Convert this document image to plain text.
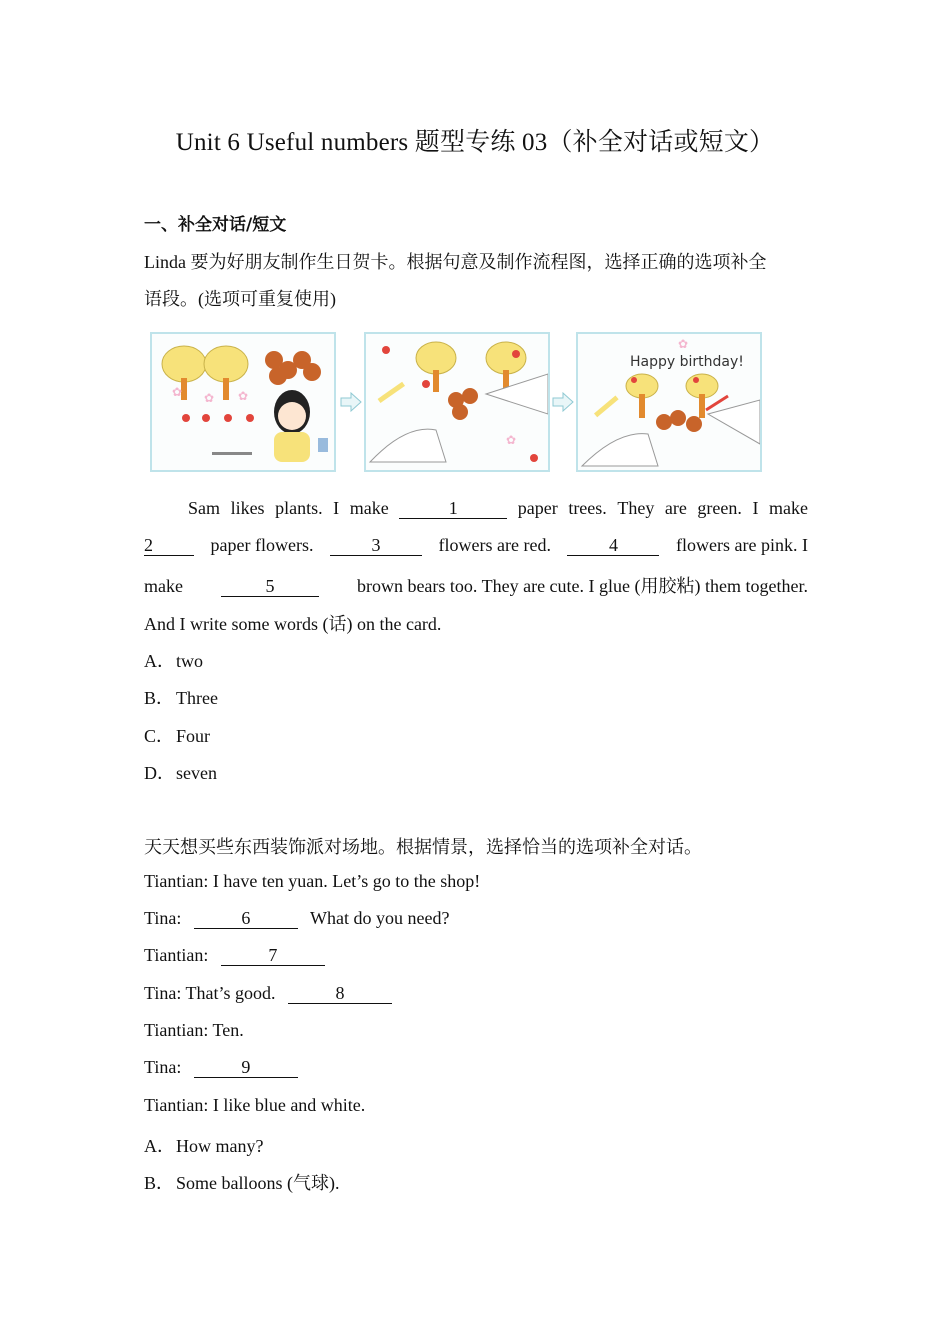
Unit 6 Useful numbers 题型专练 03（补全对话或短文）
一、补全对话/短文
Linda 要为好朋友制作生日贺卡。根据句意及制作流程图，选择正确的选项补全
语段。(选项可重复使用)
✿ ✿ ✿
✿
✿
Happy birthday!
Sam likes plants. I make	1	paper trees. They are green. I make
2	paper flowers.	3	flowers are red.	4	flowers are pink. I
make	5	brown bears too. They are cute. I glue (用胶粘) them together.
And I write some words (话) on the card.
A．two
B． Three
C． Four
D．seven
天天想买些东西装饰派对场地。根据情景，选择恰当的选项补全对话。
Tiantian: I have ten yuan. Let’s go to the shop!
Tina:	6	What do you need?
Tiantian:	7
Tina: That’s good.	8
Tiantian: Ten.
Tina:	9
Tiantian: I like blue and white.
A．How many?
B． Some balloons (气球).
